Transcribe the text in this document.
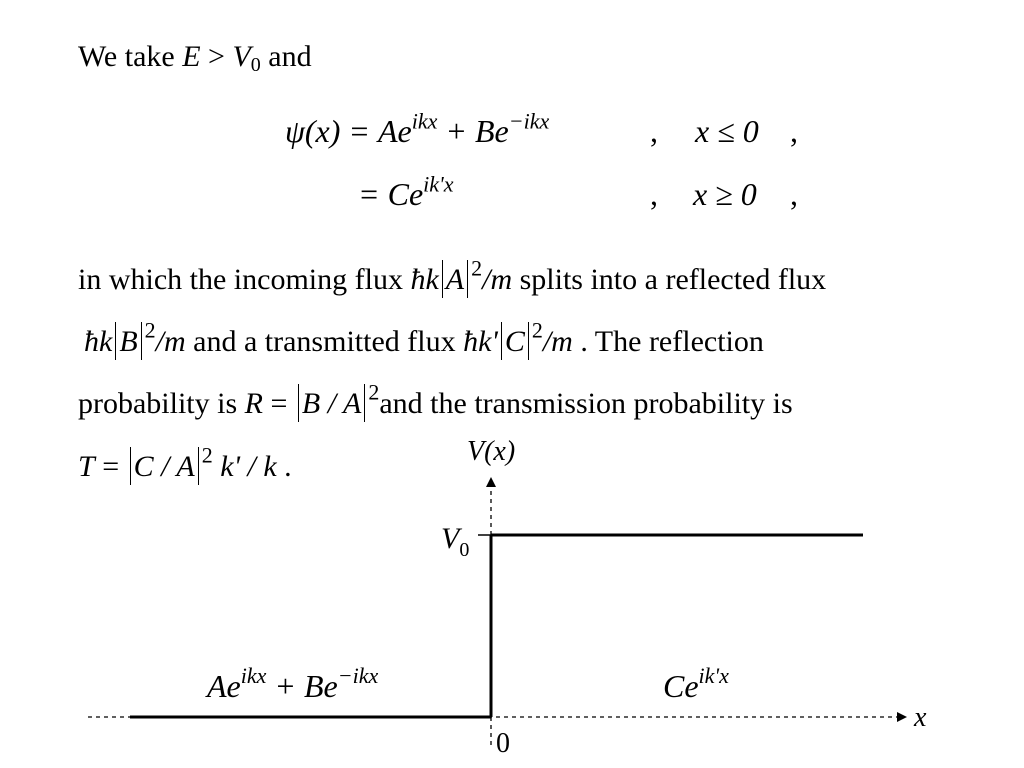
We take $E > V_0$ and
$\psi(x) = Ae^{ikx} + Be^{-ikx}$	, x ≤ 0 ,
= $Ce^{ik'x}$	, x ≥ 0 ,
in which the incoming flux ħk A $^2$/m splits into a reflected flux
ħk B $^2$/m and a transmitted flux ħk' C $^2$/m . The reflection
probability is R = B / A $^2$and the transmission probability is
T = C / A $^2$ k' / k .	V(x)
$V_0$
x
0
$Ae^{ikx} + Be^{-ikx}$	$Ce^{ik'x}$
